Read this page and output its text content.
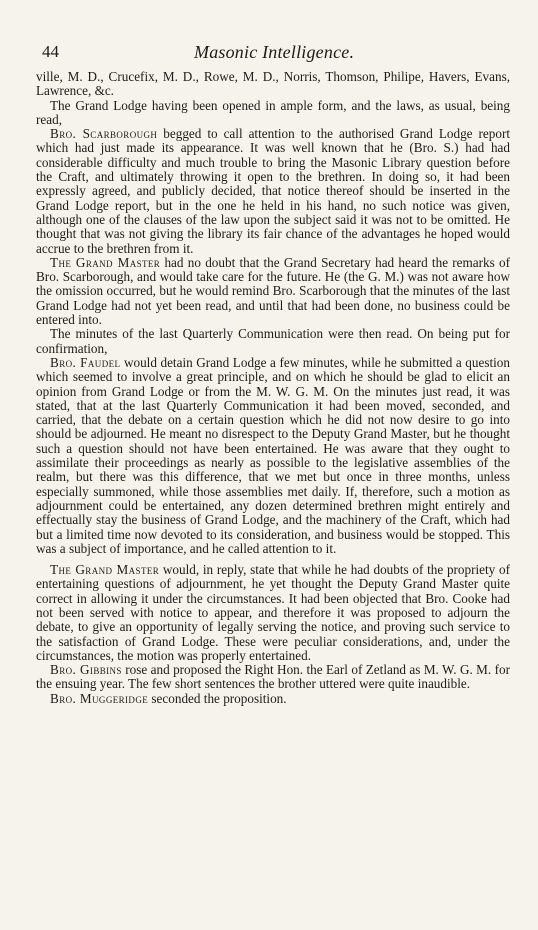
44	Masonic Intelligence.

ville, M. D., Crucefix, M. D., Rowe, M. D., Norris, Thomson, Philipe, Havers, Evans, Lawrence, &c.

The Grand Lodge having been opened in ample form, and the laws, as usual, being read,

Bro. Scarborough begged to call attention to the authorised Grand Lodge report which had just made its appearance. It was well known that he (Bro. S.) had had considerable difficulty and much trouble to bring the Masonic Library question before the Craft, and ultimately throwing it open to the brethren. In doing so, it had been expressly agreed, and publicly decided, that notice thereof should be inserted in the Grand Lodge report, but in the one he held in his hand, no such notice was given, although one of the clauses of the law upon the subject said it was not to be omitted. He thought that was not giving the library its fair chance of the advantages he hoped would accrue to the brethren from it.

The Grand Master had no doubt that the Grand Secretary had heard the remarks of Bro. Scarborough, and would take care for the future. He (the G. M.) was not aware how the omission occurred, but he would remind Bro. Scarborough that the minutes of the last Grand Lodge had not yet been read, and until that had been done, no business could be entered into.

The minutes of the last Quarterly Communication were then read. On being put for confirmation,

Bro. Faudel would detain Grand Lodge a few minutes, while he submitted a question which seemed to involve a great principle, and on which he should be glad to elicit an opinion from Grand Lodge or from the M. W. G. M. On the minutes just read, it was stated, that at the last Quarterly Communication it had been moved, seconded, and carried, that the debate on a certain question which he did not now desire to go into should be adjourned. He meant no disrespect to the Deputy Grand Master, but he thought such a question should not have been entertained. He was aware that they ought to assimilate their proceedings as nearly as possible to the legislative assemblies of the realm, but there was this difference, that we met but once in three months, unless especially summoned, while those assemblies met daily. If, therefore, such a motion as adjournment could be entertained, any dozen determined brethren might entirely and effectually stay the business of Grand Lodge, and the machinery of the Craft, which had but a limited time now devoted to its consideration, and business would be stopped. This was a subject of importance, and he called attention to it.

The Grand Master would, in reply, state that while he had doubts of the propriety of entertaining questions of adjournment, he yet thought the Deputy Grand Master quite correct in allowing it under the circumstances. It had been objected that Bro. Cooke had not been served with notice to appear, and therefore it was proposed to adjourn the debate, to give an opportunity of legally serving the notice, and proving such service to the satisfaction of Grand Lodge. These were peculiar considerations, and, under the circumstances, the motion was properly entertained.

Bro. Gibbins rose and proposed the Right Hon. the Earl of Zetland as M. W. G. M. for the ensuing year. The few short sentences the brother uttered were quite inaudible.

Bro. Muggeridge seconded the proposition.
